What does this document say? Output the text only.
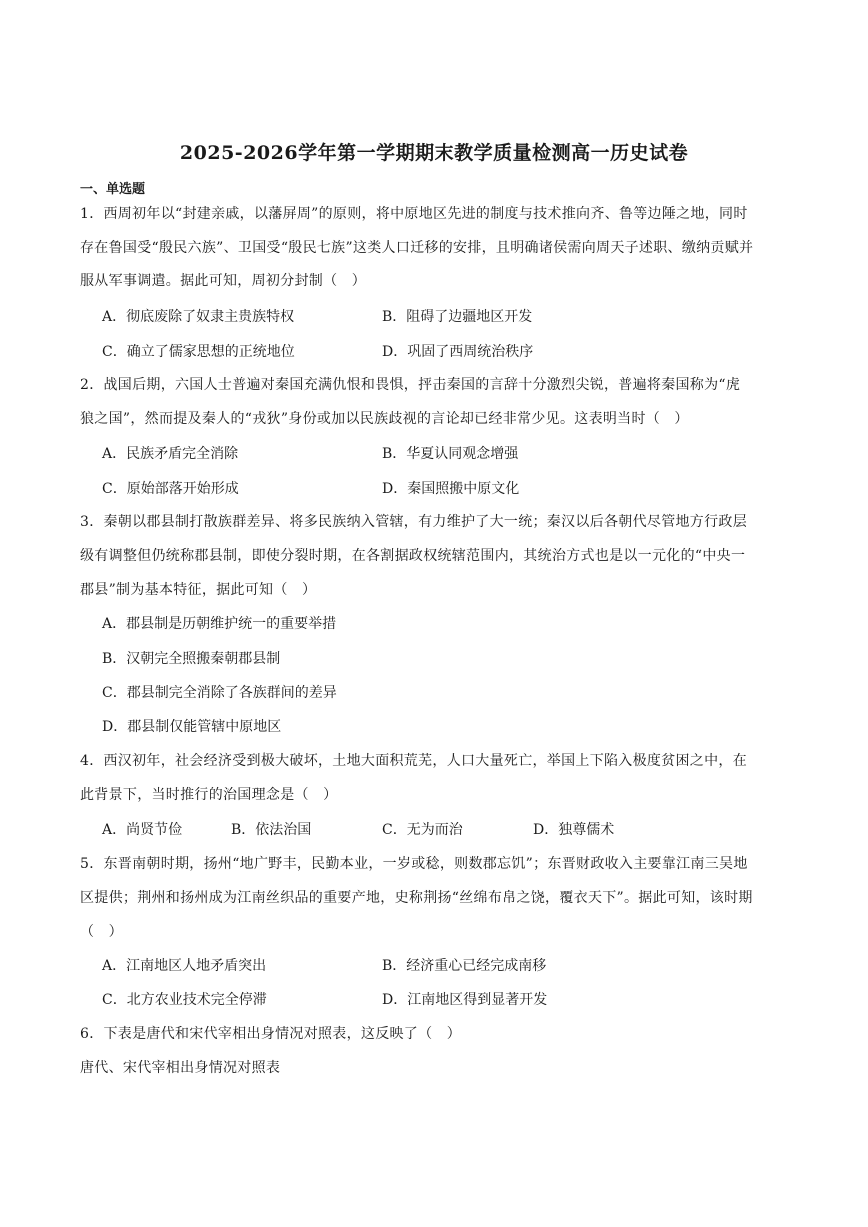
2025-2026学年第一学期期末教学质量检测高一历史试卷
一、单选题
1．西周初年以“封建亲戚，以藩屏周”的原则，将中原地区先进的制度与技术推向齐、鲁等边陲之地，同时
存在鲁国受“殷民六族”、卫国受“殷民七族”这类人口迁移的安排，且明确诸侯需向周天子述职、缴纳贡赋并
服从军事调遣。据此可知，周初分封制（　）
A．彻底废除了奴隶主贵族特权	B．阻碍了边疆地区开发
C．确立了儒家思想的正统地位	D．巩固了西周统治秩序
2．战国后期，六国人士普遍对秦国充满仇恨和畏惧，抨击秦国的言辞十分激烈尖锐，普遍将秦国称为“虎
狼之国”，然而提及秦人的“戎狄”身份或加以民族歧视的言论却已经非常少见。这表明当时（　）
A．民族矛盾完全消除	B．华夏认同观念增强
C．原始部落开始形成	D．秦国照搬中原文化
3．秦朝以郡县制打散族群差异、将多民族纳入管辖，有力维护了大一统；秦汉以后各朝代尽管地方行政层
级有调整但仍统称郡县制，即使分裂时期，在各割据政权统辖范围内，其统治方式也是以一元化的“中央一
郡县”制为基本特征，据此可知（　）
A．郡县制是历朝维护统一的重要举措
B．汉朝完全照搬秦朝郡县制
C．郡县制完全消除了各族群间的差异
D．郡县制仅能管辖中原地区
4．西汉初年，社会经济受到极大破坏，土地大面积荒芜，人口大量死亡，举国上下陷入极度贫困之中，在
此背景下，当时推行的治国理念是（　）
A．尚贤节俭	B．依法治国	C．无为而治	D．独尊儒术
5．东晋南朝时期，扬州“地广野丰，民勤本业，一岁或稔，则数郡忘饥”；东晋财政收入主要靠江南三吴地
区提供；荆州和扬州成为江南丝织品的重要产地，史称荆扬“丝绵布帛之饶，覆衣天下”。据此可知，该时期
（　）
A．江南地区人地矛盾突出	B．经济重心已经完成南移
C．北方农业技术完全停滞	D．江南地区得到显著开发
6．下表是唐代和宋代宰相出身情况对照表，这反映了（　）
唐代、宋代宰相出身情况对照表
